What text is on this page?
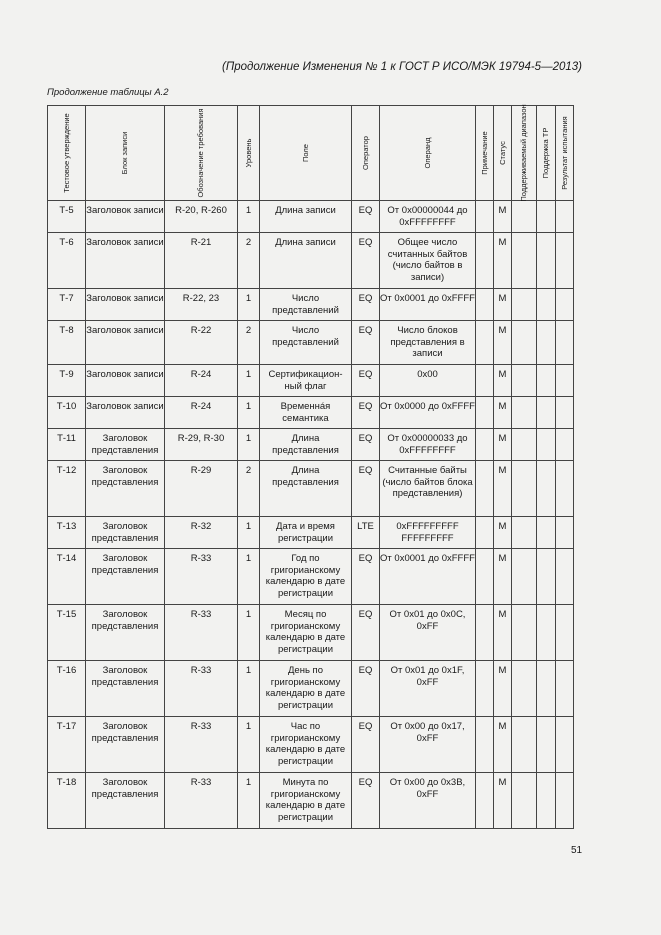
(Продолжение Изменения № 1 к ГОСТ Р ИСО/МЭК 19794-5—2013)
Продолжение таблицы А.2
Тестовое утверждение	Блок записи	Обозначение требования	Уровень	Поле	Оператор	Операнд	Примечание	Статус	Поддерживаемый диапазон	Поддержка ТР	Результат испытания

Т-5	Заголовок записи	R-20, R-260	1	Длина записи	EQ	От 0x00000044 до 0xFFFFFFFF		M			
Т-6	Заголовок записи	R-21	2	Длина записи	EQ	Общее число считанных байтов (число байтов в записи)		M			
Т-7	Заголовок записи	R-22, 23	1	Число представлений	EQ	От 0x0001 до 0xFFFF		M			
Т-8	Заголовок записи	R-22	2	Число представлений	EQ	Число блоков представления в записи		M			
Т-9	Заголовок записи	R-24	1	Сертификацион-ный флаг	EQ	0x00		M			
Т-10	Заголовок записи	R-24	1	Временнáя семантика	EQ	От 0x0000 до 0xFFFF		M			
Т-11	Заголовок представления	R-29, R-30	1	Длина представления	EQ	От 0x00000033 до 0xFFFFFFFF		M			
Т-12	Заголовок представления	R-29	2	Длина представления	EQ	Считанные байты (число байтов блока представления)		M			
Т-13	Заголовок представления	R-32	1	Дата и время регистрации	LTE	0xFFFFFFFFF FFFFFFFFF		M			
Т-14	Заголовок представления	R-33	1	Год по григорианскому календарю в дате регистрации	EQ	От 0x0001 до 0xFFFF		M			
Т-15	Заголовок представления	R-33	1	Месяц по григорианскому календарю в дате регистрации	EQ	От 0x01 до 0x0C, 0xFF		M			
Т-16	Заголовок представления	R-33	1	День по григорианскому календарю в дате регистрации	EQ	От 0x01 до 0x1F, 0xFF		M			
Т-17	Заголовок представления	R-33	1	Час по григорианскому календарю в дате регистрации	EQ	От 0x00 до 0x17, 0xFF		M			
Т-18	Заголовок представления	R-33	1	Минута по григорианскому календарю в дате регистрации	EQ	От 0x00 до 0x3B, 0xFF		M			
51
